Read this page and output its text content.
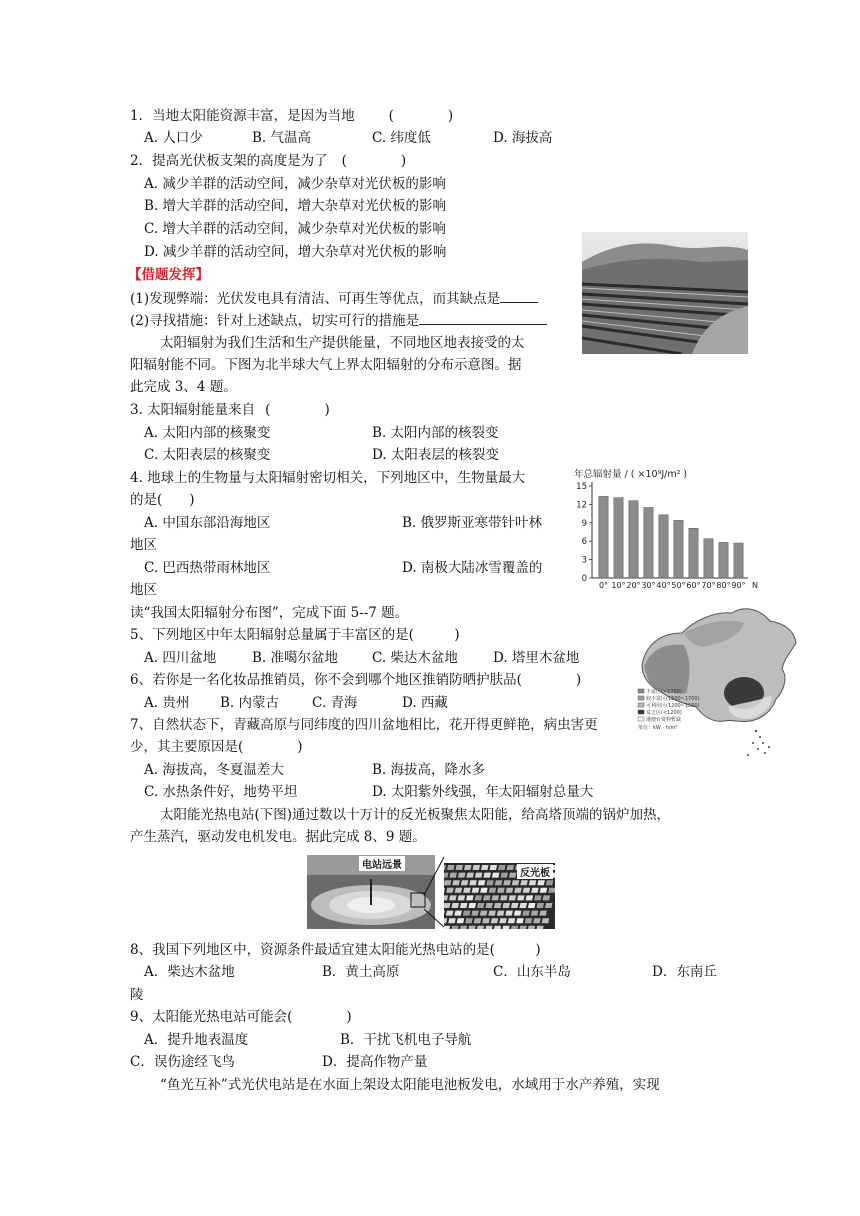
1．当地太阳能资源丰富，是因为当地	(　　　　)
A. 人口少	B. 气温高	C. 纬度低	D. 海拔高
2．提高光伏板支架的高度是为了 (　　　　)
A. 减少羊群的活动空间，减少杂草对光伏板的影响
B. 增大羊群的活动空间，增大杂草对光伏板的影响
C. 增大羊群的活动空间，减少杂草对光伏板的影响
D. 减少羊群的活动空间，增大杂草对光伏板的影响
【借题发挥】
(1)发现弊端：光伏发电具有清洁、可再生等优点，而其缺点是
(2)寻找措施：针对上述缺点，切实可行的措施是
太阳辐射为我们生活和生产提供能量，不同地区地表接受的太
阳辐射能不同。下图为北半球大气上界太阳辐射的分布示意图。据
此完成 3、4 题。
3. 太阳辐射能量来自 (　　　　)
A. 太阳内部的核聚变	B. 太阳内部的核裂变
C. 太阳表层的核聚变	D. 太阳表层的核裂变
4. 地球上的生物量与太阳辐射密切相关，下列地区中，生物量最大
的是(　　)
A. 中国东部沿海地区	B. 俄罗斯亚寒带针叶林
地区
C. 巴西热带雨林地区	D. 南极大陆冰雪覆盖的
地区
年总辐射量 / ( ×10⁹J/m² )
0
3
6
9
12
15
0° 10° 20° 30° 40° 50° 60° 70° 80° 90° N
读“我国太阳辐射分布图”，完成下面 5--7 题。
丰富区(>1700)
较丰富区(1500~1700)
可利用区(1200~1500)
贫乏区(<1200)
港澳台资料暂缺
单位：kW · h/m²
5、下列地区中年太阳辐射总量属于丰富区的是(　　　)
A. 四川盆地	B. 准噶尔盆地	C. 柴达木盆地	D. 塔里木盆地
6、若你是一名化妆品推销员，你不会到哪个地区推销防晒护肤品(　　　　)
A. 贵州 B. 内蒙古 C. 青海	D. 西藏
7、自然状态下，青藏高原与同纬度的四川盆地相比，花开得更鲜艳，病虫害更
少，其主要原因是(　　　　)
A. 海拔高，冬夏温差大	B. 海拔高，降水多
C. 水热条件好，地势平坦	D. 太阳紫外线强，年太阳辐射总量大
太阳能光热电站(下图)通过数以十万计的反光板聚焦太阳能，给高塔顶端的锅炉加热，
产生蒸汽，驱动发电机发电。据此完成 8、9 题。
电站远景
反光板
8、我国下列地区中，资源条件最适宜建太阳能光热电站的是(　　　)
A．柴达木盆地	B．黄土高原	C．山东半岛	D．东南丘
陵
9、太阳能光热电站可能会(　　　　)
A．提升地表温度	B．干扰飞机电子导航
C．误伤途经飞鸟	D．提高作物产量
“鱼光互补”式光伏电站是在水面上架设太阳能电池板发电，水域用于水产养殖，实现
